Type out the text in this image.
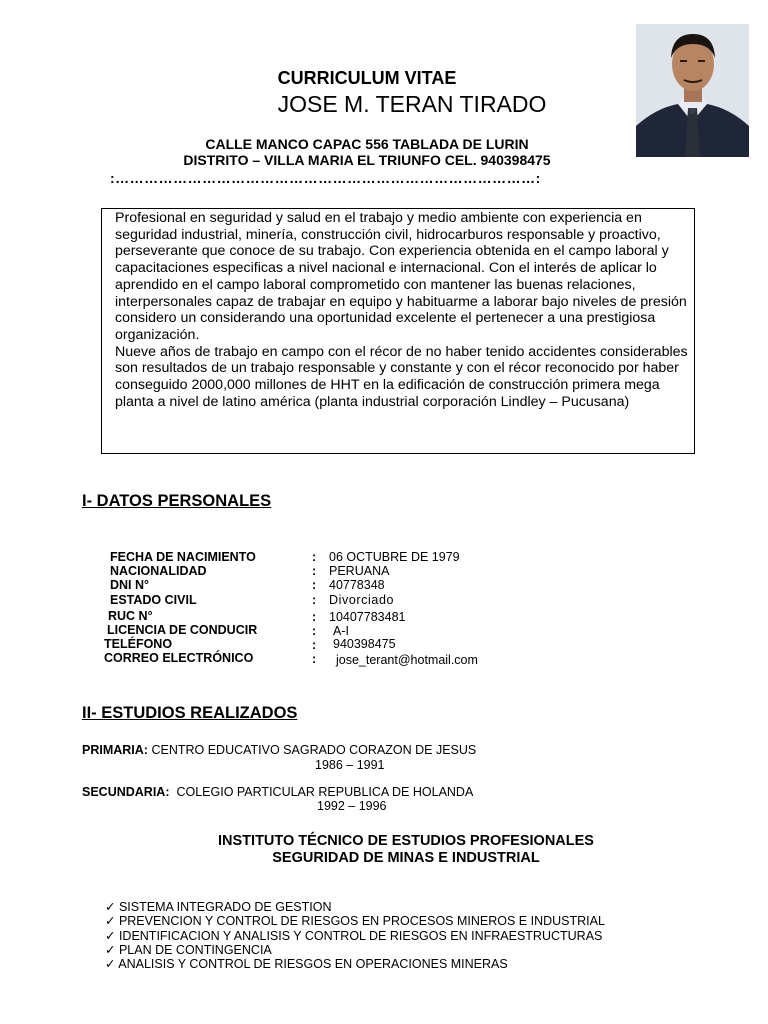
CURRICULUM VITAE
JOSE M. TERAN TIRADO
CALLE MANCO CAPAC 556 TABLADA DE LURIN
DISTRITO – VILLA MARIA EL TRIUNFO CEL. 940398475
:……………………………………………………………………………:

Profesional en seguridad y salud en el trabajo y medio ambiente con experiencia en seguridad industrial, minería, construcción civil, hidrocarburos responsable y proactivo, perseverante que conoce de su trabajo. Con experiencia obtenida en el campo laboral y capacitaciones especificas a nivel nacional e internacional. Con el interés de aplicar lo aprendido en el campo laboral comprometido con mantener las buenas relaciones, interpersonales capaz de trabajar en equipo y habituarme a laborar bajo niveles de presión considero un considerando una oportunidad excelente el pertenecer a una prestigiosa organización.

Nueve años de trabajo en campo con el récor de no haber tenido accidentes considerables son resultados de un trabajo responsable y constante y con el récor reconocido por haber conseguido 2000,000 millones de HHT en la edificación de construcción primera mega planta a nivel de latino américa (planta industrial corporación Lindley – Pucusana)

I- DATOS PERSONALES
FECHA DE NACIMIENTO	: 06 OCTUBRE DE 1979
NACIONALIDAD	: PERUANA
DNI N°	: 40778348
ESTADO CIVIL	: Divorciado
RUC N°	: 10407783481
LICENCIA DE CONDUCIR	: A-I
TELÉFONO	: 940398475
CORREO ELECTRÓNICO	: jose_terant@hotmail.com
II- ESTUDIOS REALIZADOS
PRIMARIA: CENTRO EDUCATIVO SAGRADO CORAZON DE JESUS
1986 – 1991
SECUNDARIA: COLEGIO PARTICULAR REPUBLICA DE HOLANDA
1992 – 1996
INSTITUTO TÉCNICO DE ESTUDIOS PROFESIONALES
SEGURIDAD DE MINAS E INDUSTRIAL
✓ SISTEMA INTEGRADO DE GESTION
✓ PREVENCION Y CONTROL DE RIESGOS EN PROCESOS MINEROS E INDUSTRIAL
✓ IDENTIFICACION Y ANALISIS Y CONTROL DE RIESGOS EN INFRAESTRUCTURAS
✓ PLAN DE CONTINGENCIA
✓ ANALISIS Y CONTROL DE RIESGOS EN OPERACIONES MINERAS
